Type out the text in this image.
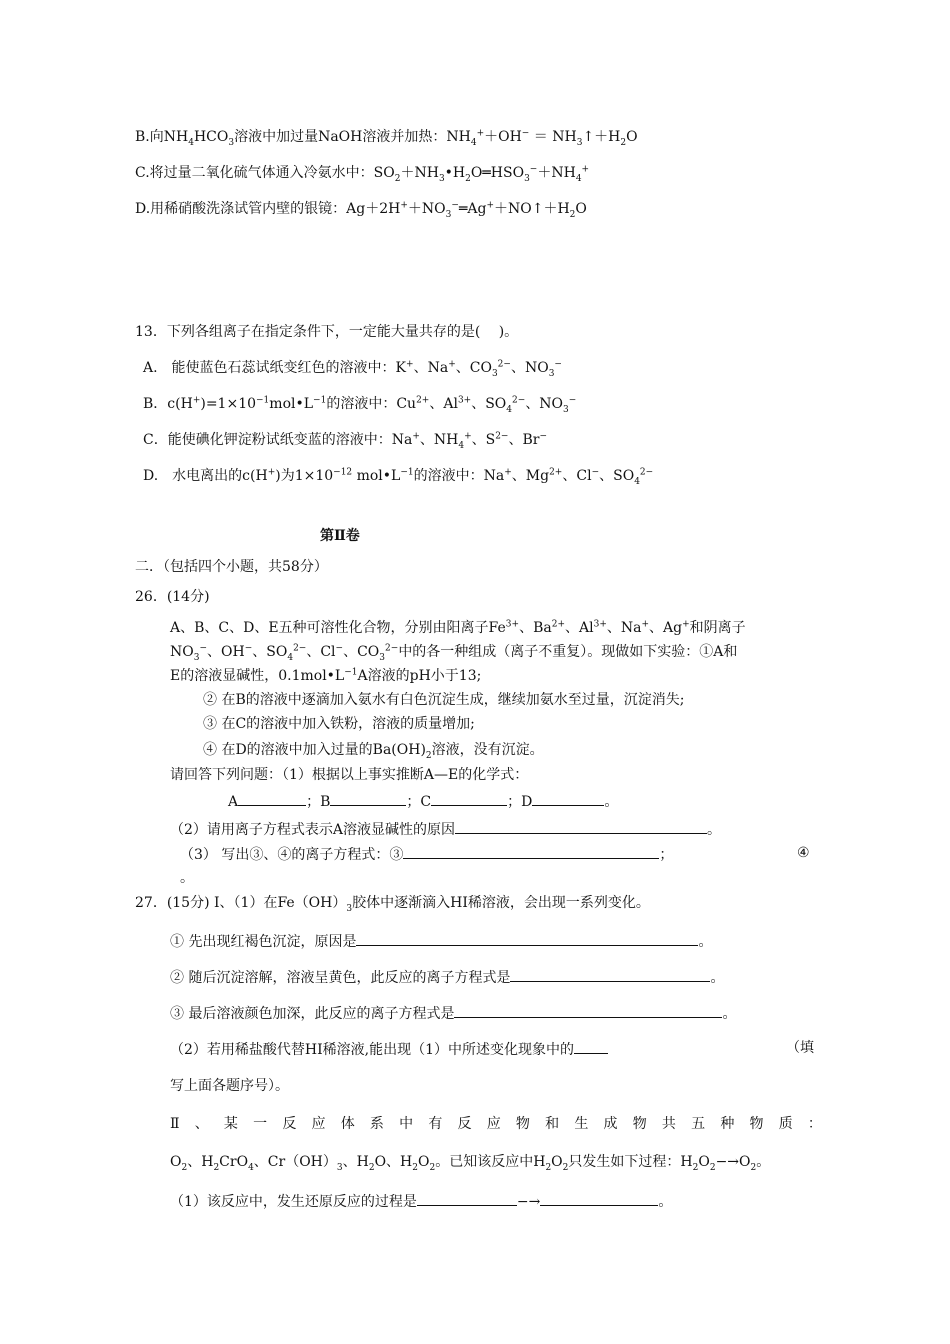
B.向$NH_4HCO_3$溶液中加过量NaOH溶液并加热：$NH_4^++OH^-$ ＝ $NH_3↑+H_2O$
C.将过量二氧化硫气体通入冷氨水中：$SO_2+NH_3•H_2O═HSO_3^-+NH_4^+$
D.用稀硝酸洗涤试管内壁的银镜：$Ag+2H^++NO_3^-═Ag^++NO↑+H_2O$
13．下列各组离子在指定条件下，一定能大量共存的是(　 )。
A.　能使蓝色石蕊试纸变红色的溶液中：K+、Na+、$CO_3^{2-}$、$NO_3^-$
B．$c(H^+)=1\times 10^{-1}mol•L^{-1}$的溶液中：$Cu^{2+}$、$Al^{3+}$、$SO_4^{2-}$、$NO_3^-$
C．能使碘化钾淀粉试纸变蓝的溶液中：Na+、$NH_4^+$、$S^{2-}$、Br−
D.　水电离出的c(H+)为$1\times 10^{-12}$ $mol•L^{-1}$的溶液中：Na+、$Mg^{2+}$、Cl−、$SO_4^{2-}$
第Ⅱ卷
二．（包括四个小题，共58分）
26．(14分)
A、B、C、D、E五种可溶性化合物，分别由阳离子$Fe^{3+}$、$Ba^{2+}$、$Al^{3+}$、Na+、Ag+和阴离子
$NO_3^-$、OH−、$SO_4^{2-}$、Cl−、$CO_3^{2-}$中的各一种组成（离子不重复）。现做如下实验：①A和
E的溶液显碱性，$0.1mol•L^{-1}A$溶液的pH小于13;
② 在B的溶液中逐滴加入氨水有白色沉淀生成，继续加氨水至过量，沉淀消失;
③ 在C的溶液中加入铁粉，溶液的质量增加;
④ 在D的溶液中加入过量的$Ba(OH)_2$溶液，没有沉淀。
请回答下列问题：（1）根据以上事实推断A—E的化学式：
A	；B	；C	；D	。
（2）请用离子方程式表示A溶液显碱性的原因	。
（3） 写出③、④的离子方程式：③	；	④
。
27．(15分) Ⅰ、（1）在$Fe(OH)_3$胶体中逐渐滴入HI稀溶液，会出现一系列变化。
① 先出现红褐色沉淀，原因是	。
② 随后沉淀溶解，溶液呈黄色，此反应的离子方程式是	。
③ 最后溶液颜色加深，此反应的离子方程式是	。
（2）若用稀盐酸代替HI稀溶液,能出现（1）中所述变化现象中的	（填
写上面各题序号）。
Ⅱ、某一反应体系中有反应物和生成物共五种物质：
$O_2$、$H_2CrO_4$、$Cr(OH)_3$、$H_2O$、$H_2O_2$。已知该反应中$H_2O_2$只发生如下过程：$H_2O_2-\to O_2$。
（1）该反应中，发生还原反应的过程是	−→	。
